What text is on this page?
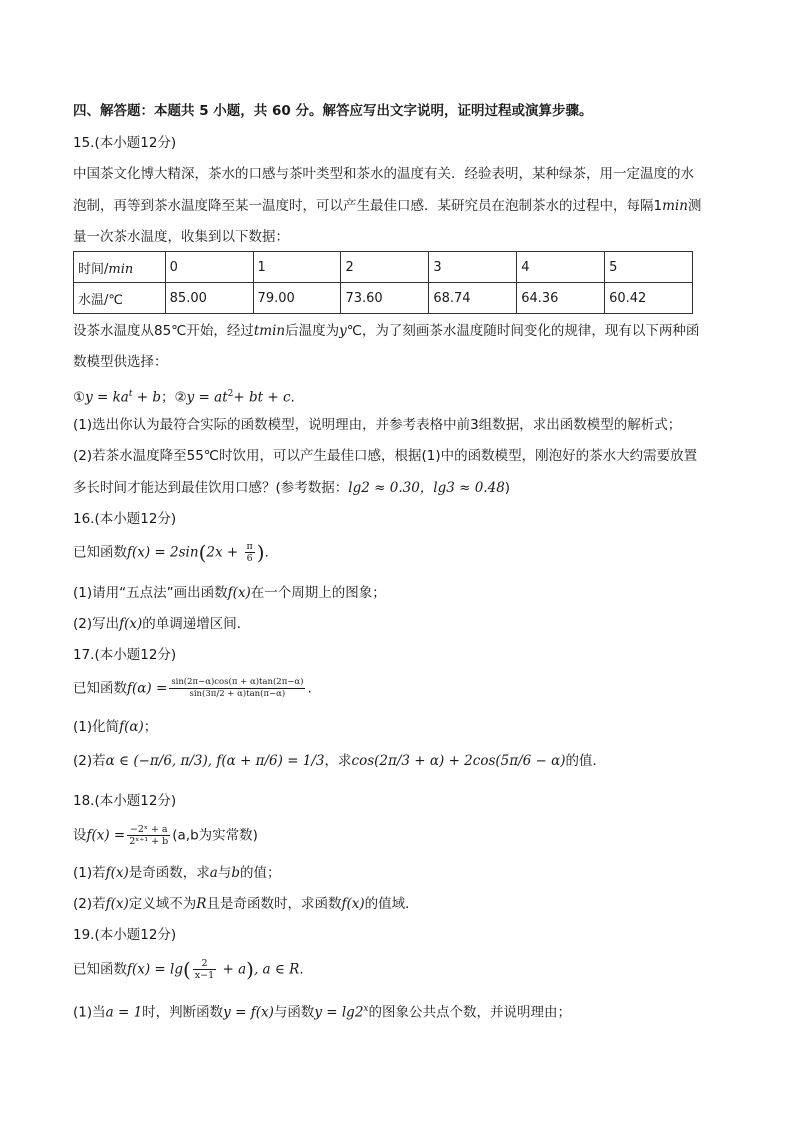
四、解答题：本题共 5 小题，共 60 分。解答应写出文字说明，证明过程或演算步骤。
15.(本小题12分)
中国茶文化博大精深，茶水的口感与茶叶类型和茶水的温度有关．经验表明，某种绿茶，用一定温度的水
泡制，再等到茶水温度降至某一温度时，可以产生最佳口感．某研究员在泡制茶水的过程中，每隔1min测
量一次茶水温度，收集到以下数据：
时间/min	0	1	2	3	4	5
水温/℃	85.00	79.00	73.60	68.74	64.36	60.42
设茶水温度从85℃开始，经过tmin后温度为y℃，为了刻画茶水温度随时间变化的规律，现有以下两种函
数模型供选择：
①y = $ka^t + b$；②y = $at^2+$ bt + c.
(1)选出你认为最符合实际的函数模型，说明理由，并参考表格中前3组数据，求出函数模型的解析式；
(2)若茶水温度降至55℃时饮用，可以产生最佳口感，根据(1)中的函数模型，刚泡好的茶水大约需要放置
多长时间才能达到最佳饮用口感？(参考数据：lg2 ≈ 0.30，lg3 ≈ 0.48)
16.(本小题12分)
已知函数$f(x) = 2\sin(2x + \frac{\pi}{6}$ ).
(1)请用“五点法”画出函数f(x)在一个周期上的图象；
(2)写出f(x)的单调递增区间．
17.(本小题12分)
已知函数$f(\alpha) = \frac{\sin(2\pi-\alpha)\cos(\pi + \alpha)\tan(2\pi-\alpha)}{\sin(3\pi/2 + \alpha)\tan(\pi-\alpha)}$ .
(1)化简f(α)；
(2)若α ∈ (−π/6, π/3), f(α + π/6) = 1/3，求cos(2π/3 + α) + 2cos(5π/6 − α)的值．
18.(本小题12分)
设$f(x) = \frac{\text{−2ˣ + a}}{\text{2ˣ⁺¹ + b}} (a,b$为实常数)
(1)若f(x)是奇函数，求a与b的值；
(2)若f(x)定义域不为R且是奇函数时，求函数f(x)的值域．
19.(本小题12分)
已知函数$f(x) = \lg( \frac{2}{x-1} + a)$, a ∈ R.
(1)当a = 1时，判断函数y = f(x)与函数$y = \lg 2^x$的图象公共点个数，并说明理由；
